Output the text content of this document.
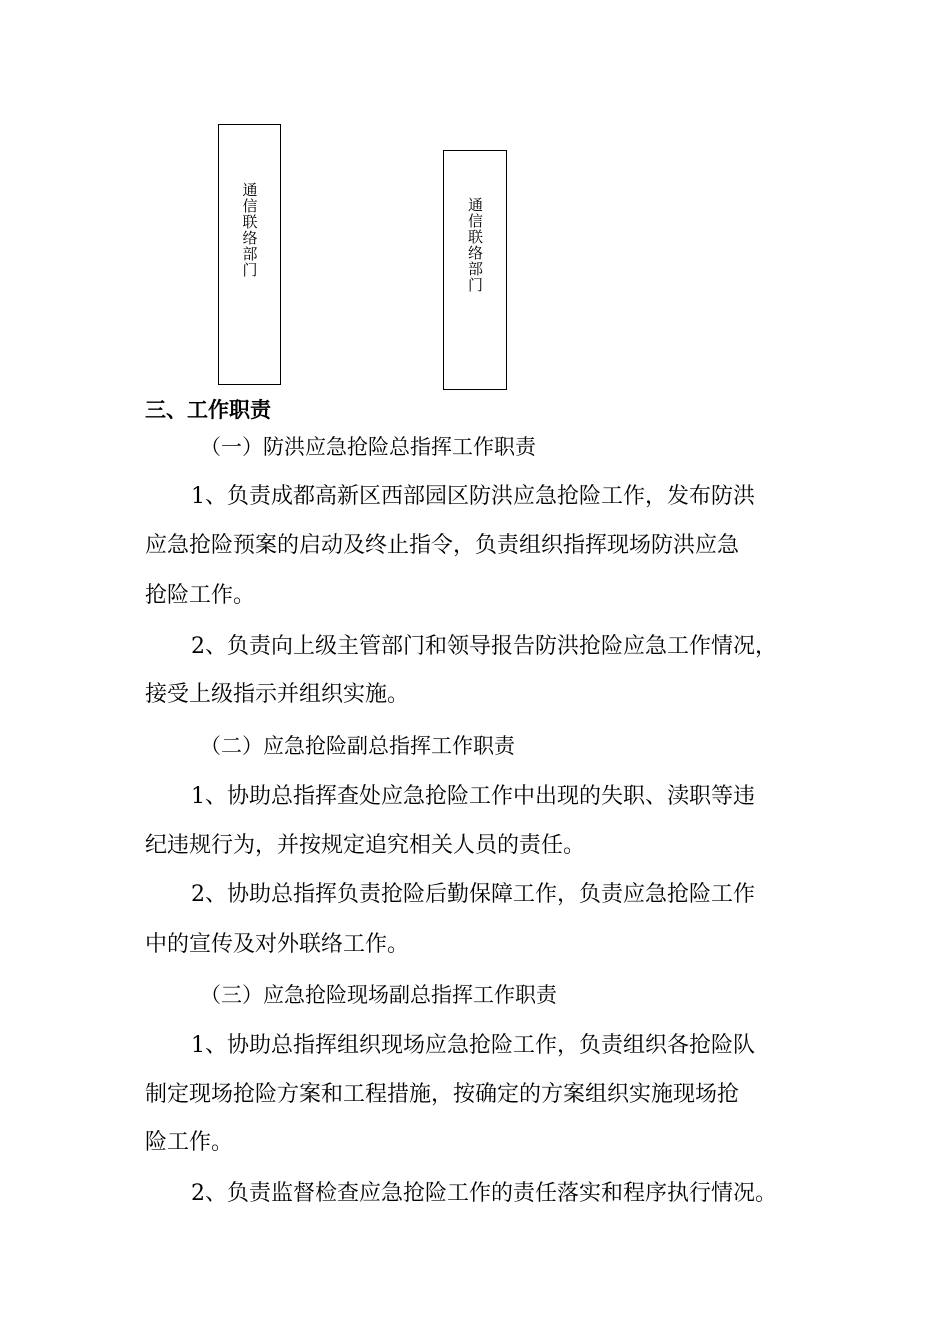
通信联络部门	通信联络部门
三、工作职责
（一）防洪应急抢险总指挥工作职责
1、负责成都高新区西部园区防洪应急抢险工作，发布防洪
应急抢险预案的启动及终止指令，负责组织指挥现场防洪应急
抢险工作。
2、负责向上级主管部门和领导报告防洪抢险应急工作情况，
接受上级指示并组织实施。
（二）应急抢险副总指挥工作职责
1、协助总指挥查处应急抢险工作中出现的失职、渎职等违
纪违规行为，并按规定追究相关人员的责任。
2、协助总指挥负责抢险后勤保障工作，负责应急抢险工作
中的宣传及对外联络工作。
（三）应急抢险现场副总指挥工作职责
1、协助总指挥组织现场应急抢险工作，负责组织各抢险队
制定现场抢险方案和工程措施，按确定的方案组织实施现场抢
险工作。
2、负责监督检查应急抢险工作的责任落实和程序执行情况。
